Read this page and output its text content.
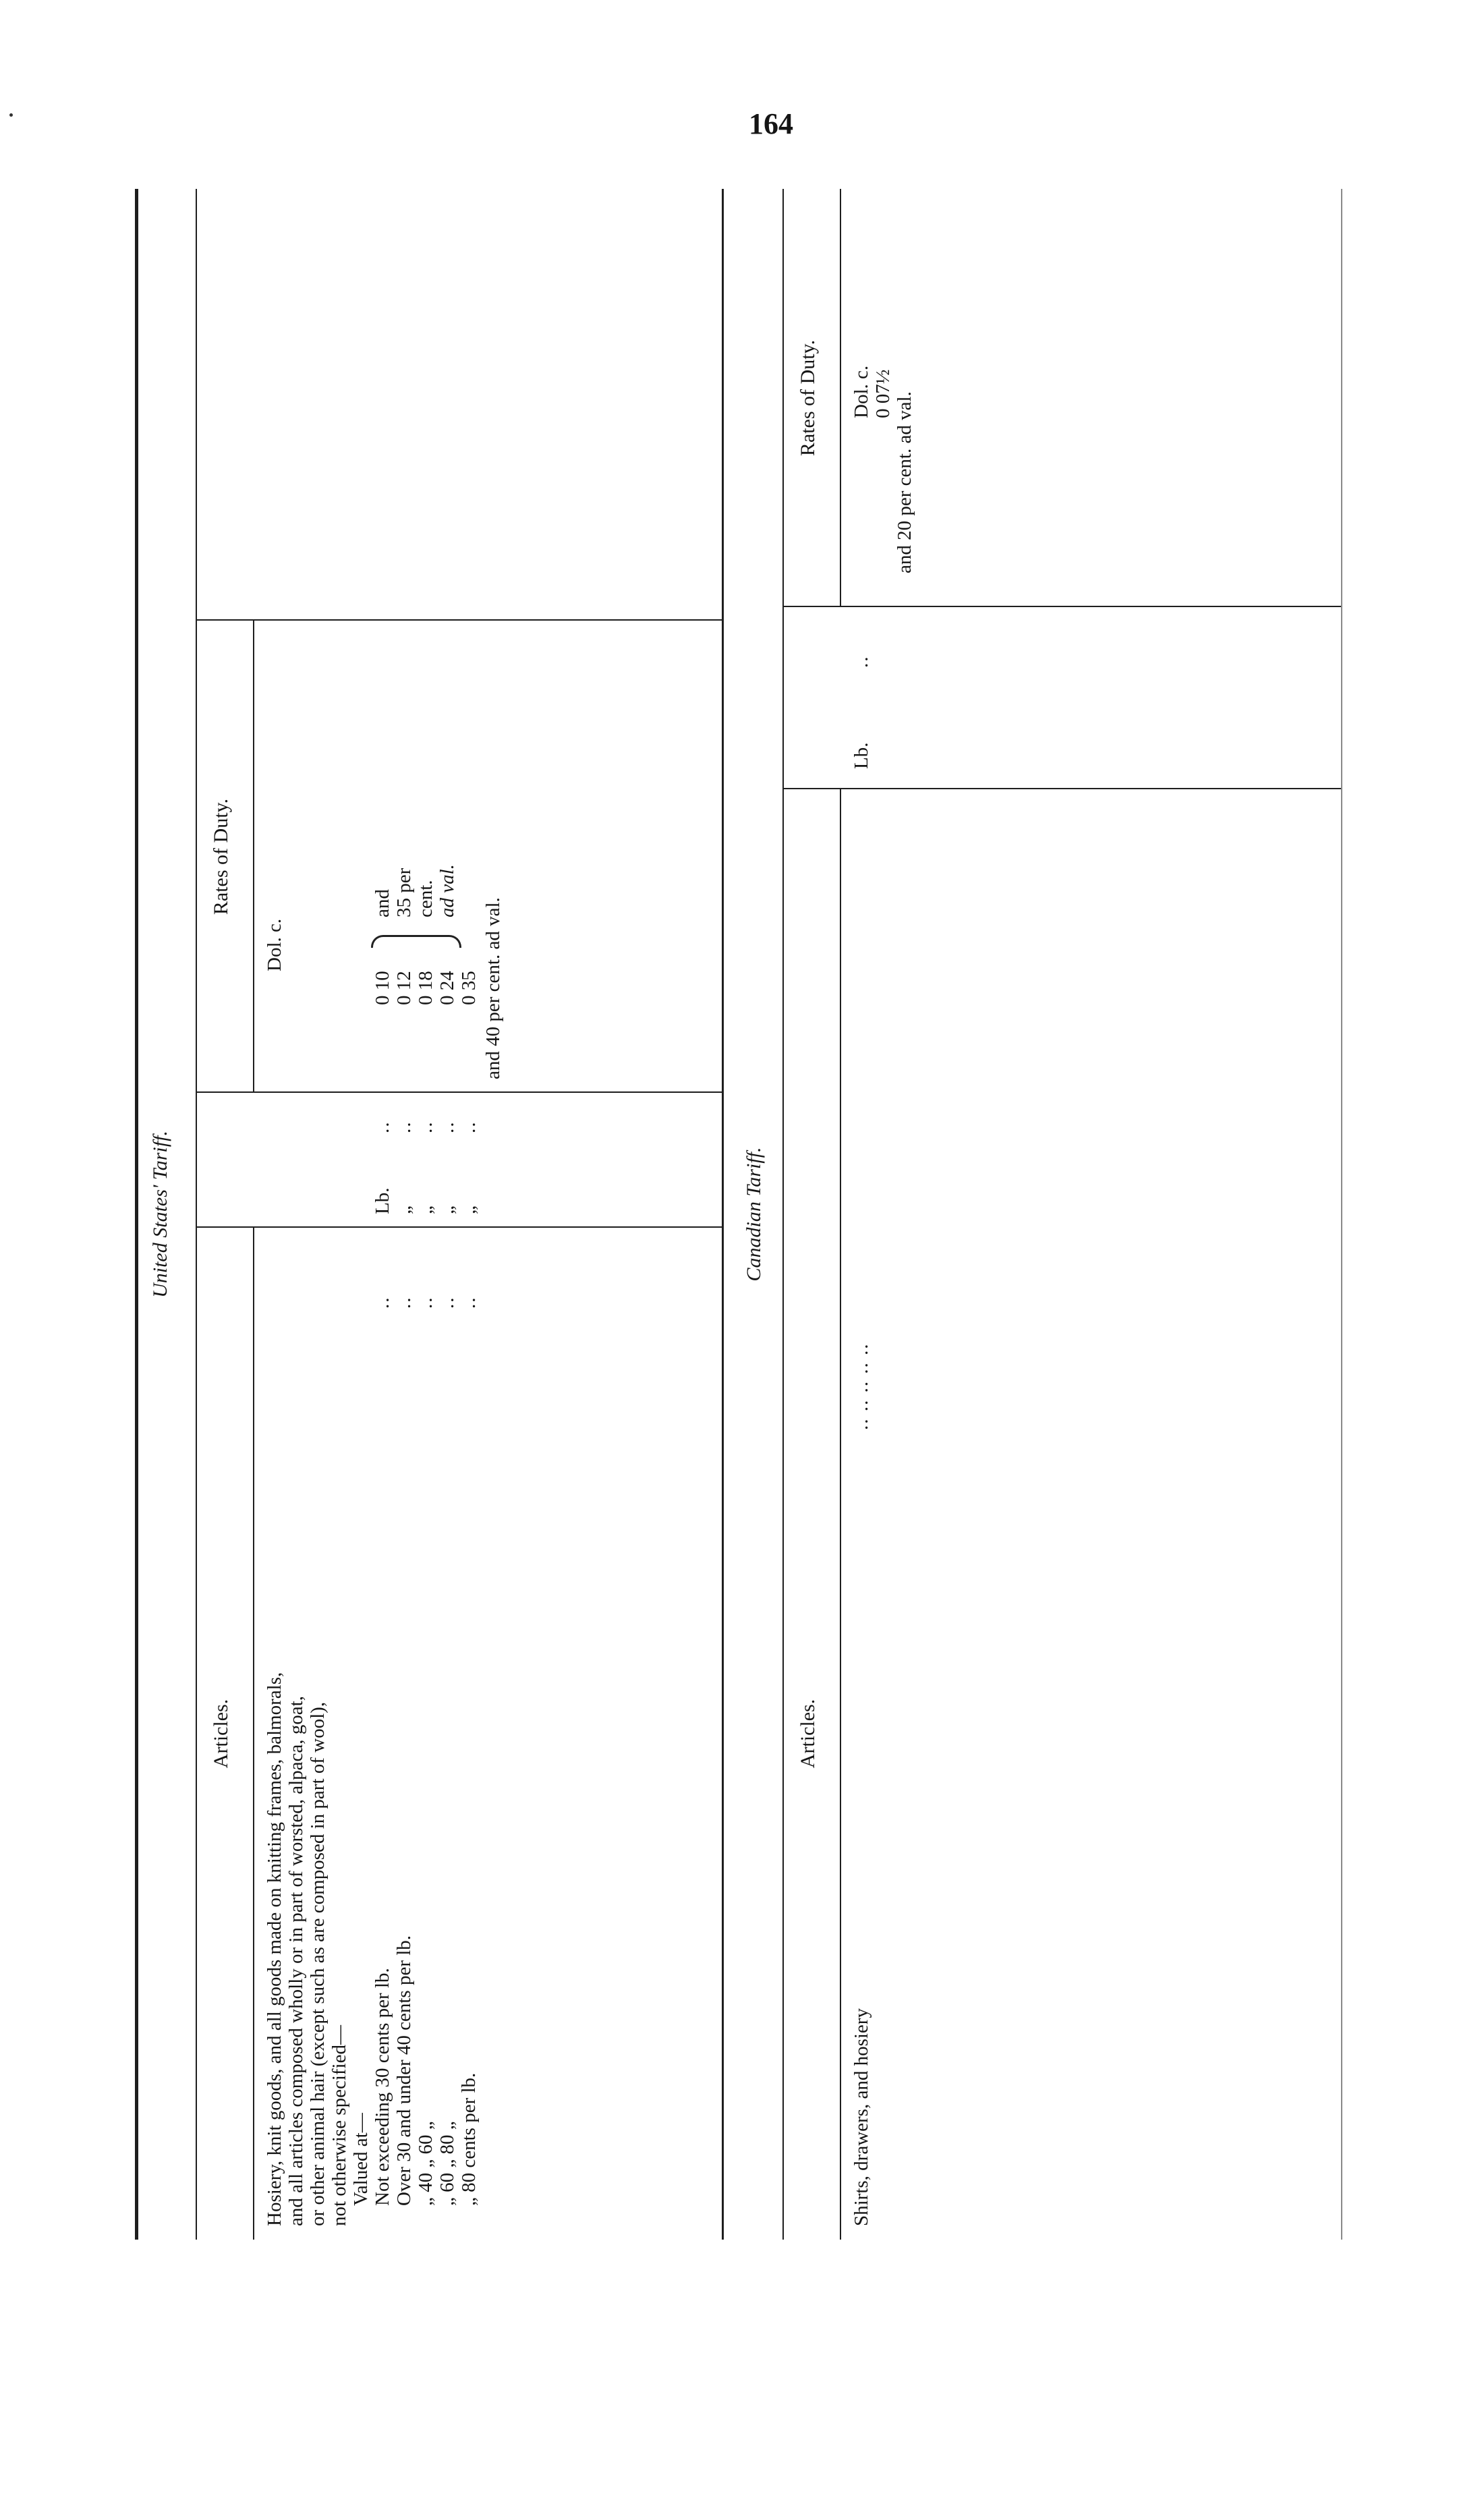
164
United States' Tariff.	Canadian Tariff.
Articles.
Rates of Duty.
Articles.
Rates of Duty.
Dol. c.
Hosiery, knit goods, and all goods made on knitting frames, balmorals, and all articles composed wholly or in part of worsted, alpaca, goat, or other animal hair (except such as are composed in part of wool), not otherwise specified— Valued at— Not exceeding 30 cents per lb.
..
Lb.
..
0 10
Over 30 and under 40 cents per lb.
..
„
..
0 12
„ 40 „ 60 „
..
„
..
0 18
„ 60 „ 80 „
..
„
..
0 24
„ 80 cents per lb.
..
„
..
0 35
and 35 per cent. ad val.
and 40 per cent. ad val.
Dol. c.
Shirts, drawers, and hosiery
.. .. .. .. ..
Lb.
..
0 07½ and 20 per cent. ad val.
